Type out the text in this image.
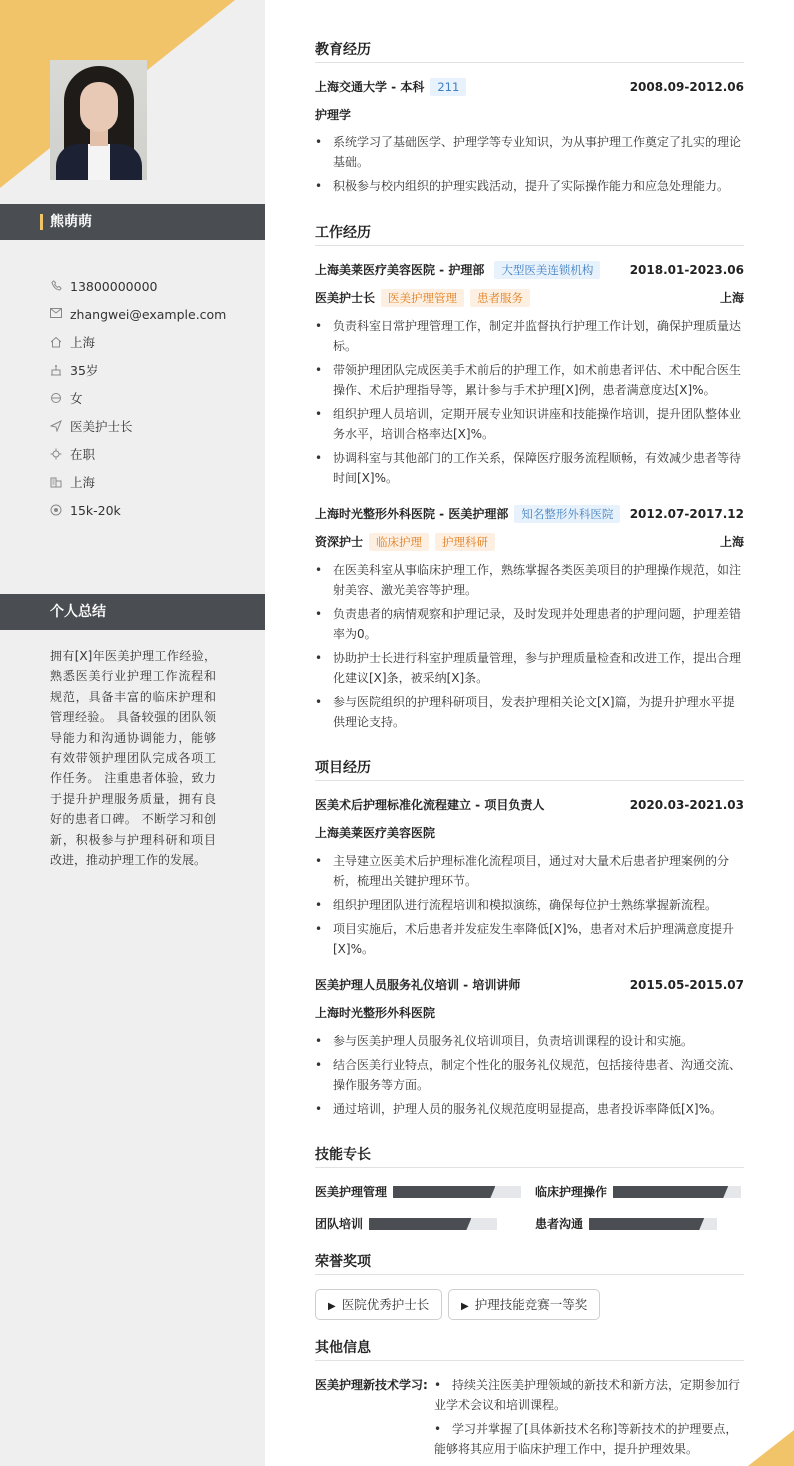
熊萌萌
13800000000
zhangwei@example.com
上海
35岁
女
医美护士长
在职
上海
15k-20k
个人总结
拥有[X]年医美护理工作经验，熟悉医美行业护理工作流程和规范，具备丰富的临床护理和管理经验。 具备较强的团队领导能力和沟通协调能力，能够有效带领护理团队完成各项工作任务。 注重患者体验，致力于提升护理服务质量，拥有良好的患者口碑。 不断学习和创新，积极参与护理科研和项目改进，推动护理工作的发展。
教育经历
上海交通大学 - 本科 211	2008.09-2012.06
护理学
• 系统学习了基础医学、护理学等专业知识，为从事护理工作奠定了扎实的理论基础。
• 积极参与校内组织的护理实践活动，提升了实际操作能力和应急处理能力。
工作经历
上海美莱医疗美容医院 - 护理部 大型医美连锁机构	2018.01-2023.06
医美护士长 医美护理管理 患者服务	上海
• 负责科室日常护理管理工作，制定并监督执行护理工作计划，确保护理质量达标。
• 带领护理团队完成医美手术前后的护理工作，如术前患者评估、术中配合医生操作、术后护理指导等，累计参与手术护理[X]例，患者满意度达[X]%。
• 组织护理人员培训，定期开展专业知识讲座和技能操作培训，提升团队整体业务水平，培训合格率达[X]%。
• 协调科室与其他部门的工作关系，保障医疗服务流程顺畅，有效减少患者等待时间[X]%。
上海时光整形外科医院 - 医美护理部 知名整形外科医院	2012.07-2017.12
资深护士 临床护理 护理科研	上海
• 在医美科室从事临床护理工作，熟练掌握各类医美项目的护理操作规范，如注射美容、激光美容等护理。
• 负责患者的病情观察和护理记录，及时发现并处理患者的护理问题，护理差错率为0。
• 协助护士长进行科室护理质量管理，参与护理质量检查和改进工作，提出合理化建议[X]条，被采纳[X]条。
• 参与医院组织的护理科研项目，发表护理相关论文[X]篇，为提升护理水平提供理论支持。
项目经历
医美术后护理标准化流程建立 - 项目负责人	2020.03-2021.03
上海美莱医疗美容医院
• 主导建立医美术后护理标准化流程项目，通过对大量术后患者护理案例的分析，梳理出关键护理环节。
• 组织护理团队进行流程培训和模拟演练，确保每位护士熟练掌握新流程。
• 项目实施后，术后患者并发症发生率降低[X]%，患者对术后护理满意度提升[X]%。
医美护理人员服务礼仪培训 - 培训讲师	2015.05-2015.07
上海时光整形外科医院
• 参与医美护理人员服务礼仪培训项目，负责培训课程的设计和实施。
• 结合医美行业特点，制定个性化的服务礼仪规范，包括接待患者、沟通交流、操作服务等方面。
• 通过培训，护理人员的服务礼仪规范度明显提高，患者投诉率降低[X]%。
技能专长
医美护理管理	临床护理操作
团队培训	患者沟通
荣誉奖项
▶ 医院优秀护士长	▶ 护理技能竞赛一等奖
其他信息
医美护理新技术学习:
•	持续关注医美护理领域的新技术和新方法，定期参加行业学术会议和培训课程。
• 学习并掌握了[具体新技术名称]等新技术的护理要点，能够将其应用于临床护理工作中，提升护理效果。
